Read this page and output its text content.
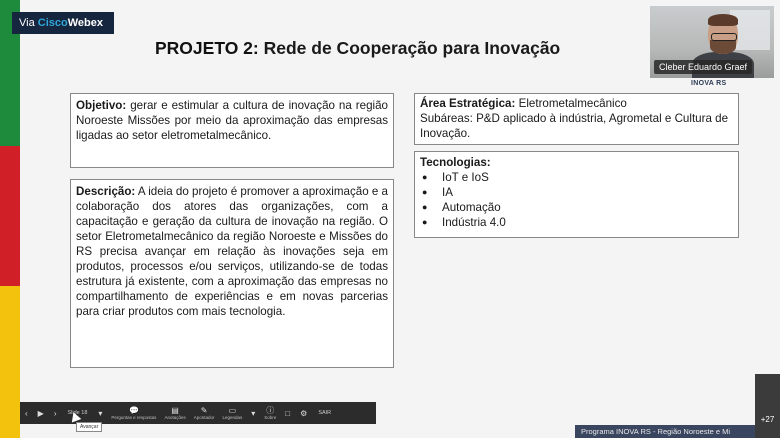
Via CiscoWebex
PROJETO 2: Rede de Cooperação para Inovação
Cleber Eduardo Graef
INOVA RS
Objetivo: gerar e estimular a cultura de inovação na região Noroeste Missões por meio da aproximação das empresas ligadas ao setor eletrometalmecânico.
Descrição: A ideia do projeto é promover a aproximação e a colaboração dos atores das organizações, com a capacitação e geração da cultura de inovação na região. O setor Eletrometalmecânico da região Noroeste e Missões do RS precisa avançar em relação às inovações seja em produtos, processos e/ou serviços, utilizando-se de todas estrutura já existente, com a aproximação das empresas no compartilhamento de experiências e em novas parcerias para criar produtos com mais tecnologia.
Área Estratégica: Eletrometalmecânico
Subáreas: P&D aplicado à indústria, Agrometal e Cultura de Inovação.
Tecnologias:
● IoT e IoS
● IA
● Automação
● Indústria 4.0
‹ ▶ › Slide 18 ▾	💬
Perguntas e respostas
▤
Anotações
✎
Apontador
▭
Legendas ▾ ⓘ
Sobre □ ⚙ SAIR
Avançar
+27
Programa INOVA RS - Região Noroeste e Mi
